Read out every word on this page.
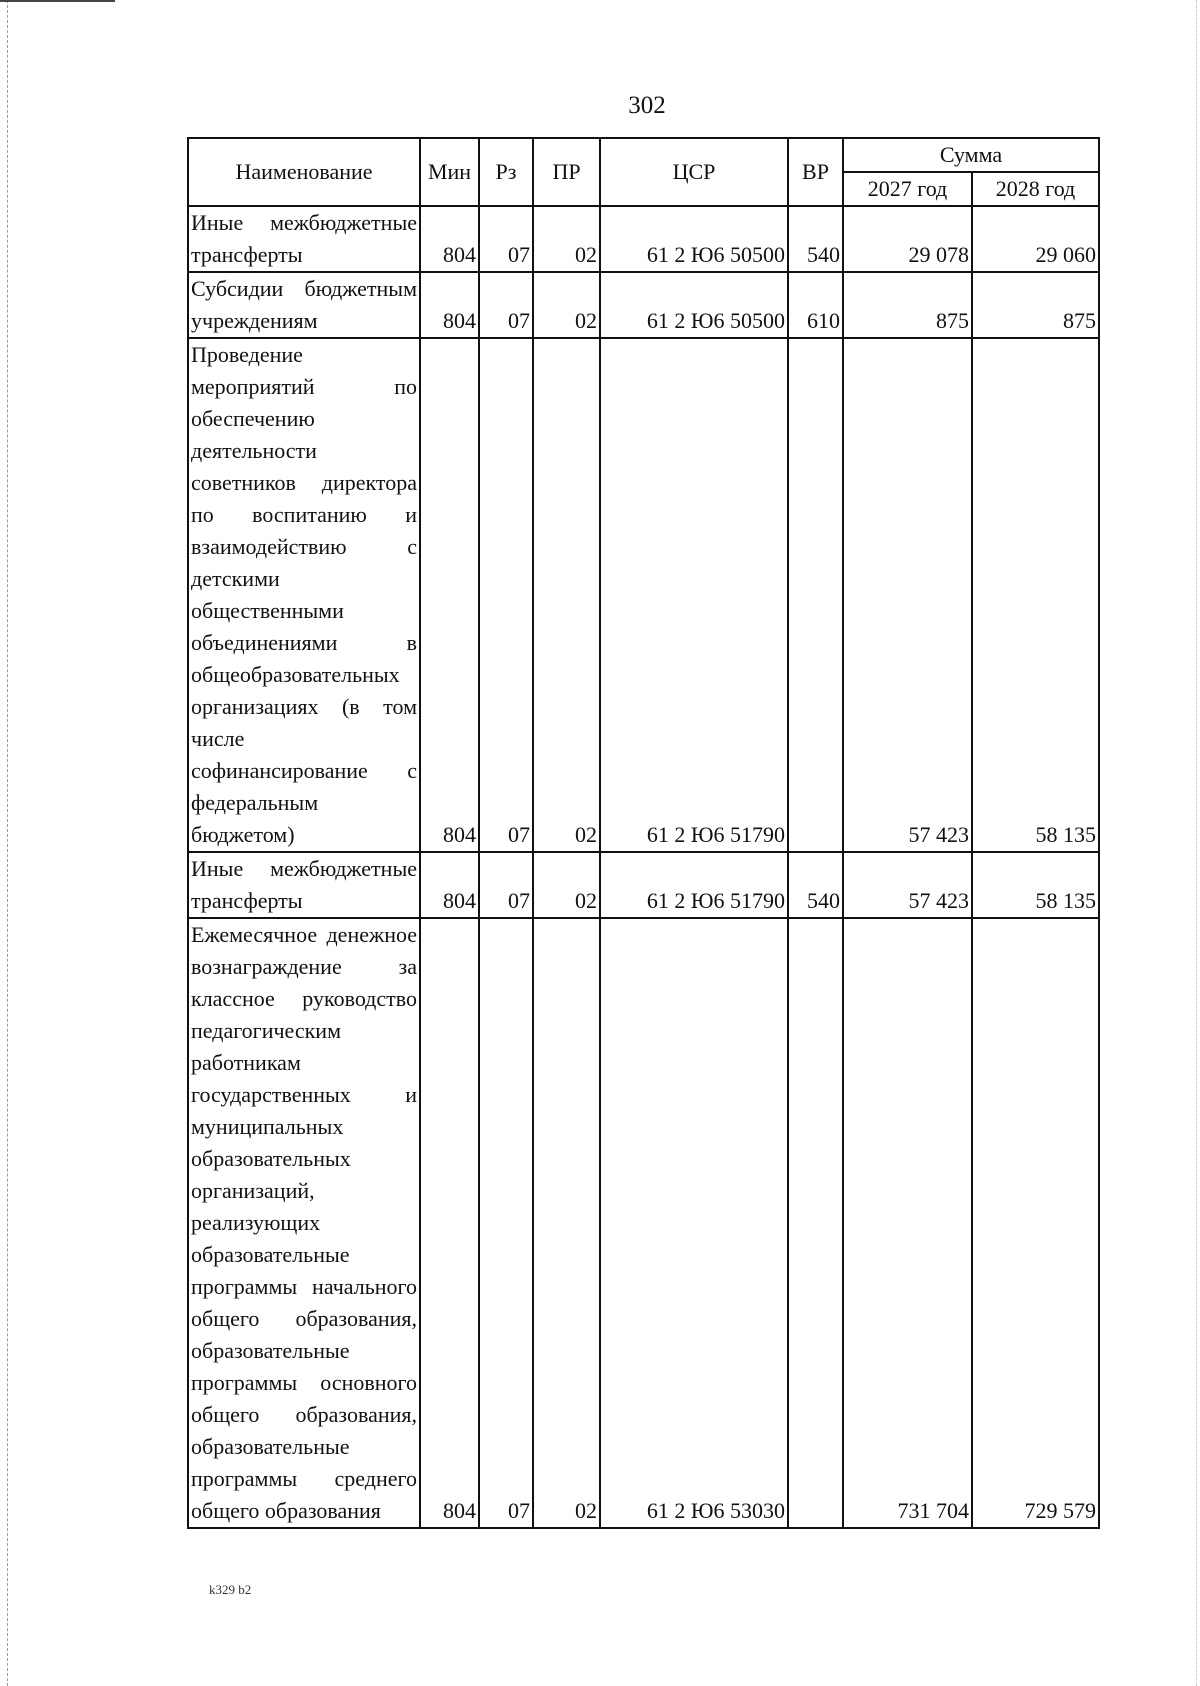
302
Наименование	Мин	Рз	ПР	ЦСР	ВР	Сумма	
						2027 год	2028 год
Иные межбюджетные трансферты	804	07	02	61 2 Ю6 50500	540	29 078	29 060
Субсидии бюджетным учреждениям	804	07	02	61 2 Ю6 50500	610	875	875
Проведение мероприятий по обеспечению деятельности советников директора по воспитанию и взаимодействию с детскими общественными объединениями в общеобразовательных организациях (в том числе софинансирование с федеральным бюджетом)	804	07	02	61 2 Ю6 51790		57 423	58 135
Иные межбюджетные трансферты	804	07	02	61 2 Ю6 51790	540	57 423	58 135
Ежемесячное денежное вознаграждение за классное руководство педагогическим работникам государственных и муниципальных образовательных организаций, реализующих образовательные программы начального общего образования, образовательные программы основного общего образования, образовательные программы среднего общего образования	804	07	02	61 2 Ю6 53030		731 704	729 579
k329 b2
